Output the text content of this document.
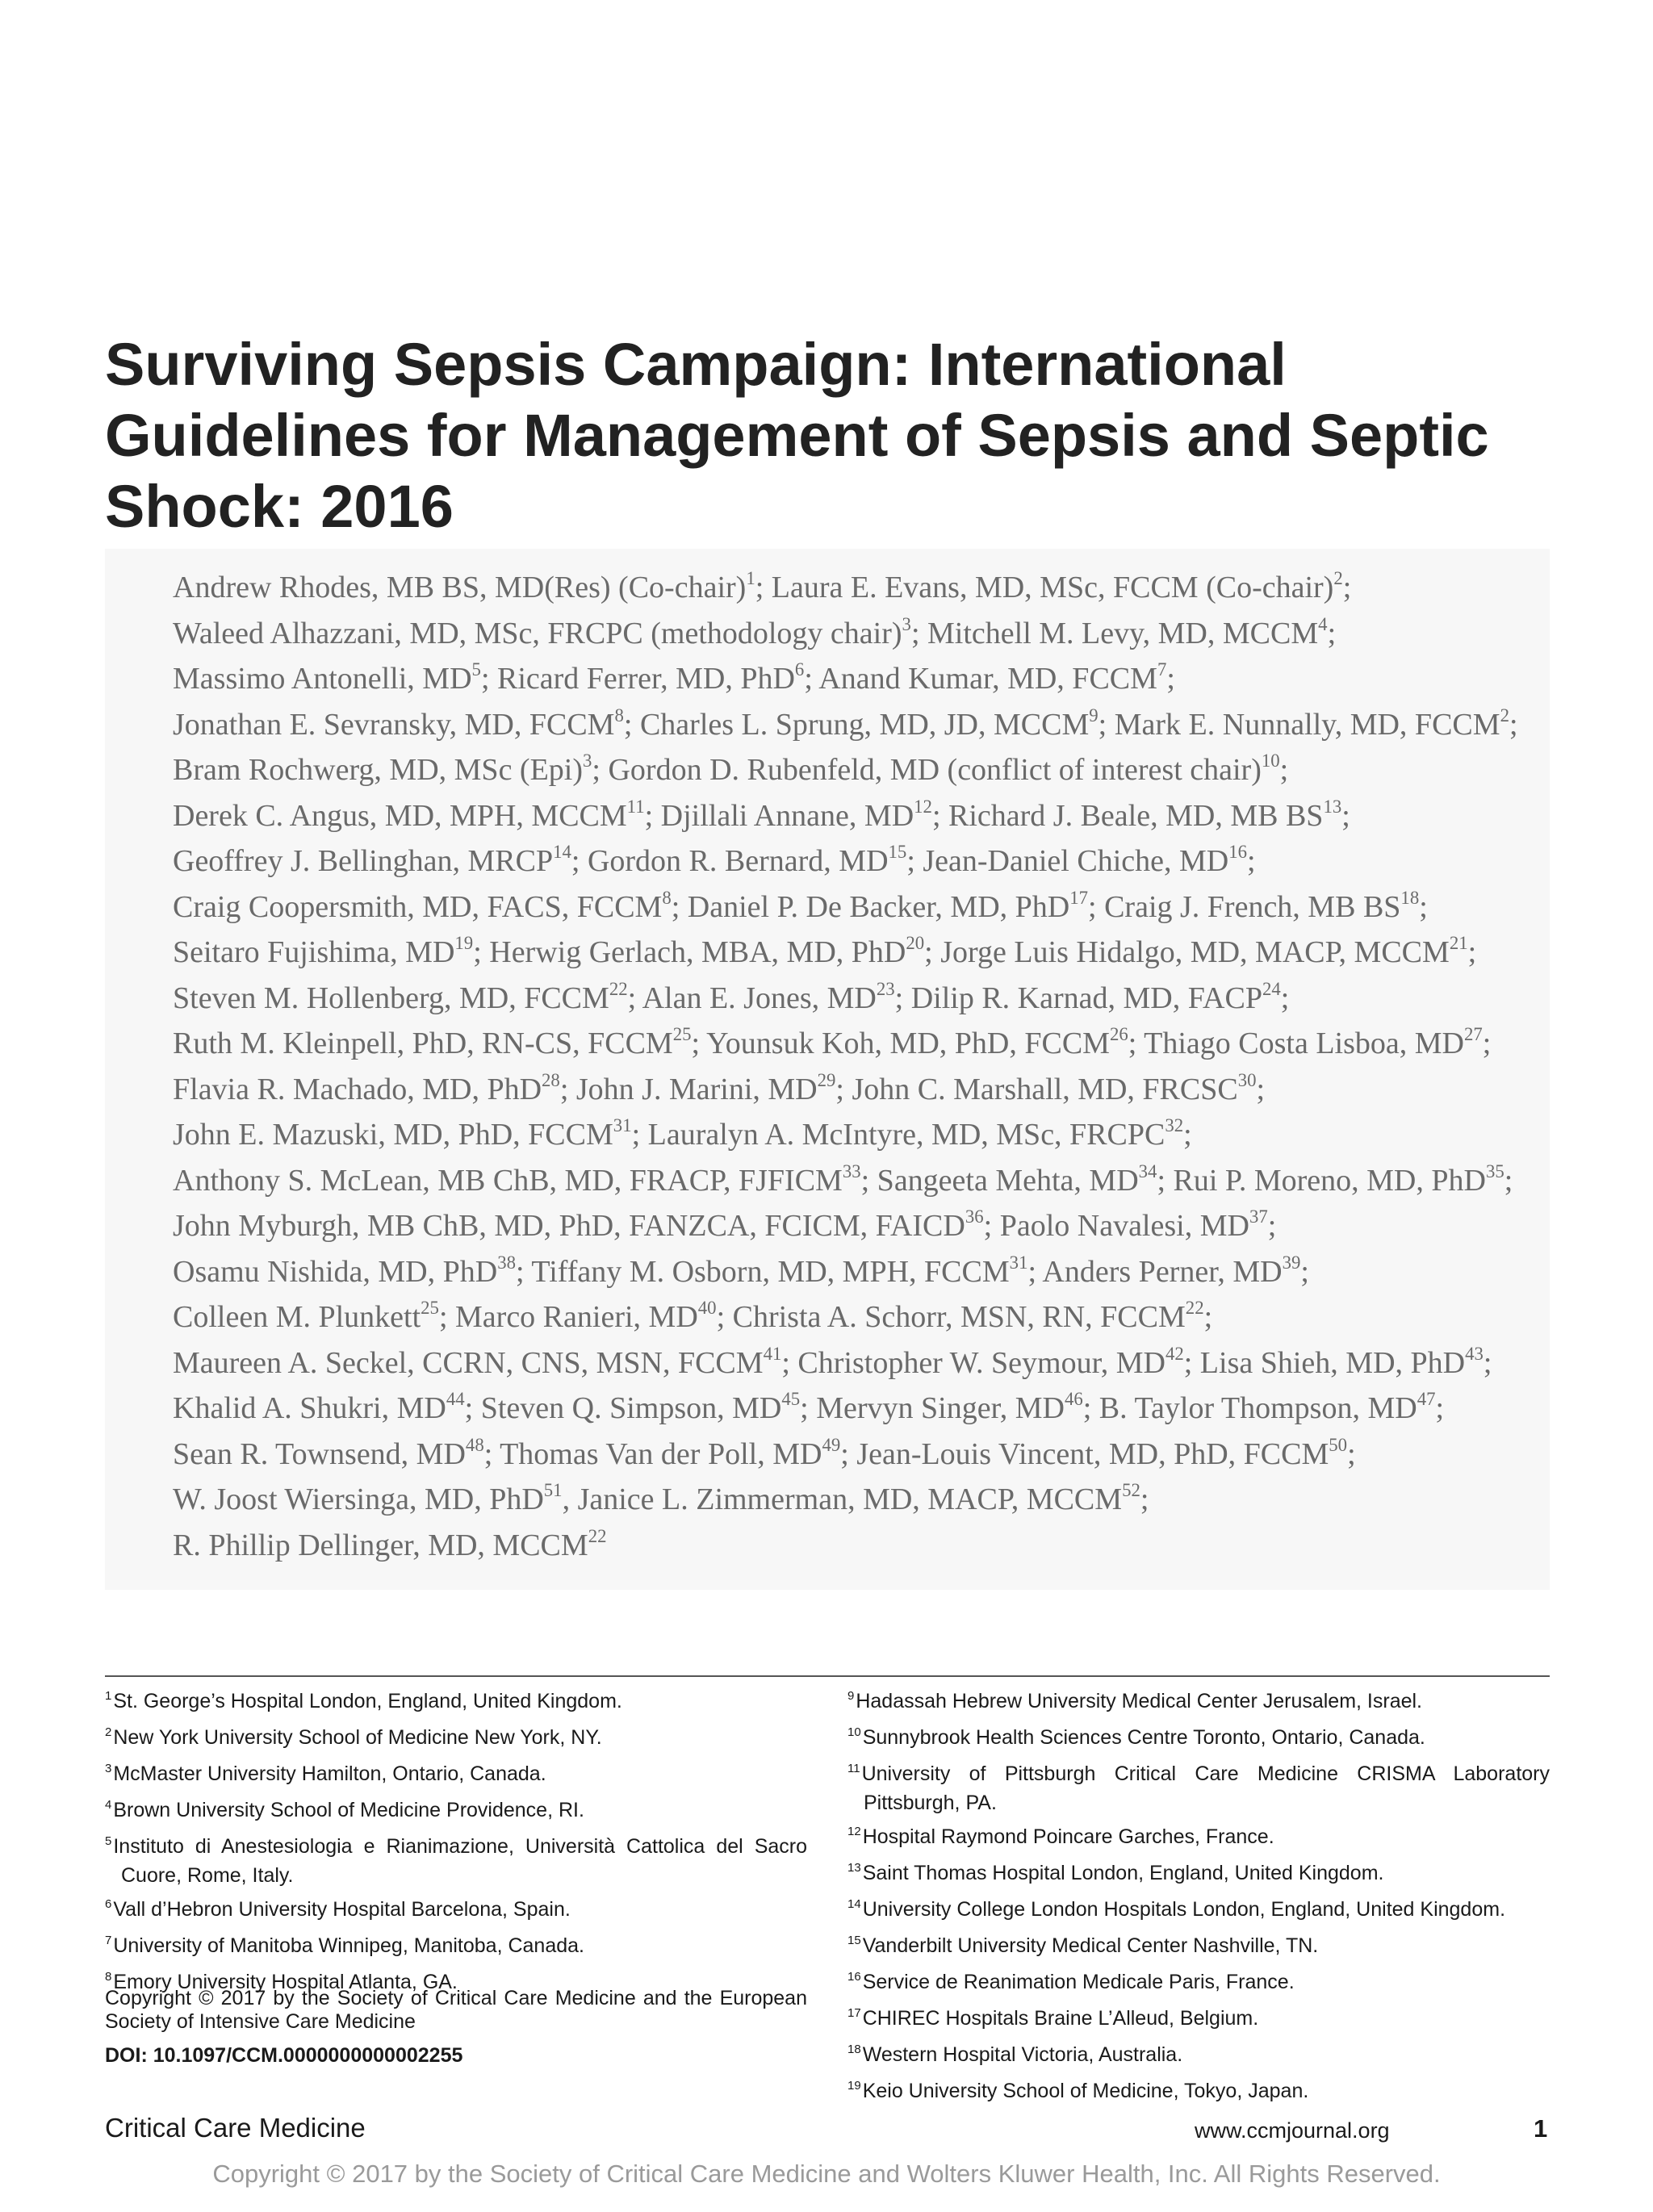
Surviving Sepsis Campaign: International
Guidelines for Management of Sepsis and Septic
Shock: 2016
Andrew Rhodes, MB BS, MD(Res) (Co-chair)$^1$; Laura E. Evans, MD, MSc, FCCM (Co-chair)$^2$;
Waleed Alhazzani, MD, MSc, FRCPC (methodology chair)$^3$; Mitchell M. Levy, MD, MCCM$^4$;
Massimo Antonelli, $MD^5$; Ricard Ferrer, MD, PhD$^6$; Anand Kumar, MD, FCCM$^7$;
Jonathan E. Sevransky, MD, FCCM$^8$; Charles L. Sprung, MD, JD, MCCM$^9$; Mark E. Nunnally, MD, FCCM$^2$;
Bram Rochwerg, MD, MSc (Epi)$^3$; Gordon D. Rubenfeld, MD (conflict of interest chair)$^{10}$;
Derek C. Angus, MD, MPH, MCCM$^{11}$; Djillali Annane, MD$^{12}$; Richard J. Beale, MD, MB BS$^{13}$;
Geoffrey J. Bellinghan, MRCP$^{14}$; Gordon R. Bernard, MD$^{15}$; Jean-Daniel Chiche, MD$^{16}$;
Craig Coopersmith, MD, FACS, FCCM$^8$; Daniel P. De Backer, MD, PhD$^{17}$; Craig J. French, MB BS$^{18}$;
Seitaro Fujishima, MD$^{19}$; Herwig Gerlach, MBA, MD, PhD$^{20}$; Jorge Luis Hidalgo, MD, MACP, MCCM$^{21}$;
Steven M. Hollenberg, MD, FCCM$^{22}$; Alan E. Jones, MD$^{23}$; Dilip R. Karnad, MD, FACP$^{24}$;
Ruth M. Kleinpell, PhD, RN-CS, FCCM$^{25}$; Younsuk Koh, MD, PhD, FCCM$^{26}$; Thiago Costa Lisboa, MD$^{27}$;
Flavia R. Machado, MD, PhD$^{28}$; John J. Marini, MD$^{29}$; John C. Marshall, MD, FRCSC$^{30}$;
John E. Mazuski, MD, PhD, FCCM$^{31}$; Lauralyn A. McIntyre, MD, MSc, FRCPC$^{32}$;
Anthony S. McLean, MB ChB, MD, FRACP, FJFICM$^{33}$; Sangeeta Mehta, MD$^{34}$; Rui P. Moreno, MD, PhD$^{35}$;
John Myburgh, MB ChB, MD, PhD, FANZCA, FCICM, FAICD$^{36}$; Paolo Navalesi, MD$^{37}$;
Osamu Nishida, MD, PhD$^{38}$; Tiffany M. Osborn, MD, MPH, FCCM$^{31}$; Anders Perner, MD$^{39}$;
Colleen M. Plunkett$^{25}$; Marco Ranieri, MD$^{40}$; Christa A. Schorr, MSN, RN, FCCM$^{22}$;
Maureen A. Seckel, CCRN, CNS, MSN, FCCM$^{41}$; Christopher W. Seymour, MD$^{42}$; Lisa Shieh, MD, PhD$^{43}$;
Khalid A. Shukri, MD$^{44}$; Steven Q. Simpson, MD$^{45}$; Mervyn Singer, MD$^{46}$; B. Taylor Thompson, MD$^{47}$;
Sean R. Townsend, MD$^{48}$; Thomas Van der Poll, MD$^{49}$; Jean-Louis Vincent, MD, PhD, FCCM$^{50}$;
W. Joost Wiersinga, MD, PhD$^{51}$, Janice L. Zimmerman, MD, MACP, MCCM$^{52}$;
R. Phillip Dellinger, MD, MCCM$^{22}$
$^1$St. George’s Hospital London, England, United Kingdom.
$^2$New York University School of Medicine New York, NY.
$^3$McMaster University Hamilton, Ontario, Canada.
$^4$Brown University School of Medicine Providence, RI.
$^5$Instituto di Anestesiologia e Rianimazione, Università Cattolica del Sacro Cuore, Rome, Italy.
$^6$Vall d’Hebron University Hospital Barcelona, Spain.
$^7$University of Manitoba Winnipeg, Manitoba, Canada.
$^8$Emory University Hospital Atlanta, GA.
$^9$Hadassah Hebrew University Medical Center Jerusalem, Israel.
$^{10}$Sunnybrook Health Sciences Centre Toronto, Ontario, Canada.
$^{11}$University of Pittsburgh Critical Care Medicine CRISMA Laboratory Pittsburgh, PA.
$^{12}$Hospital Raymond Poincare Garches, France.
$^{13}$Saint Thomas Hospital London, England, United Kingdom.
$^{14}$University College London Hospitals London, England, United Kingdom.
$^{15}$Vanderbilt University Medical Center Nashville, TN.
$^{16}$Service de Reanimation Medicale Paris, France.
$^{17}$CHIREC Hospitals Braine L’Alleud, Belgium.
$^{18}$Western Hospital Victoria, Australia.
$^{19}$Keio University School of Medicine, Tokyo, Japan.

Copyright © 2017 by the Society of Critical Care Medicine and the European Society of Intensive Care Medicine

DOI: 10.1097/CCM.0000000000002255
Critical Care Medicine	www.ccmjournal.org	1
Copyright © 2017 by the Society of Critical Care Medicine and Wolters Kluwer Health, Inc. All Rights Reserved.
